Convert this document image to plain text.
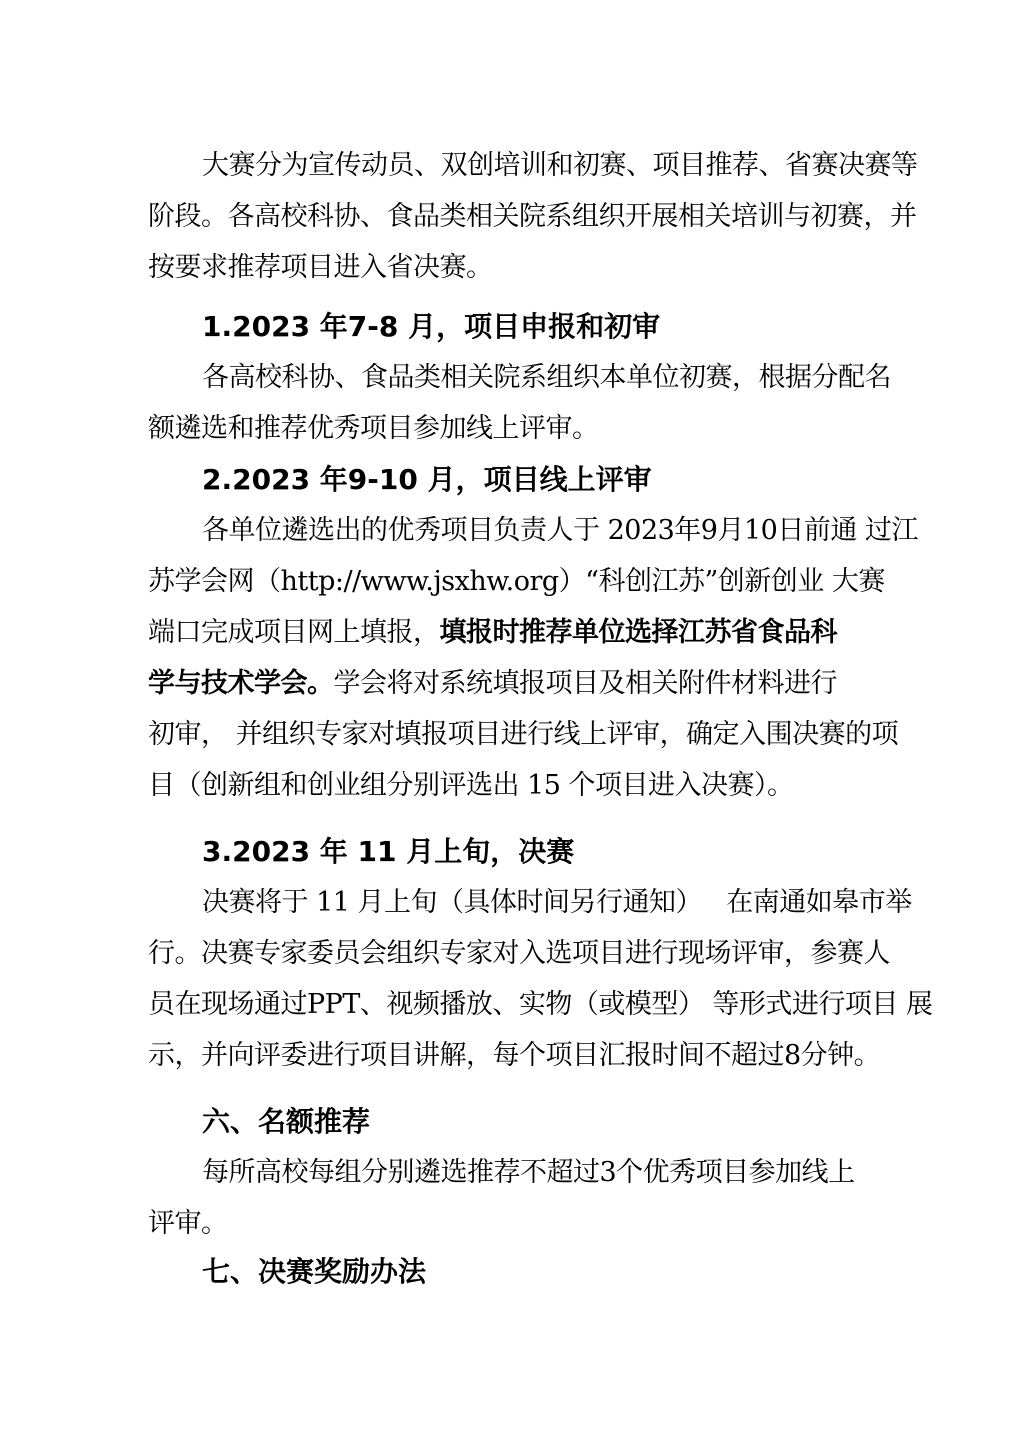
大赛分为宣传动员、双创培训和初赛、项目推荐、省赛决赛等
阶段。各高校科协、食品类相关院系组织开展相关培训与初赛，并
按要求推荐项目进入省决赛。
1.2023 年7-8 月，项目申报和初审
各高校科协、食品类相关院系组织本单位初赛，根据分配名
额遴选和推荐优秀项目参加线上评审。
2.2023 年9-10 月，项目线上评审
各单位遴选出的优秀项目负责人于 2023年9月10日前通 过江
苏学会网（http://www.jsxhw.org）“科创江苏”创新创业 大赛
端口完成项目网上填报，填报时推荐单位选择江苏省食品科
学与技术学会。学会将对系统填报项目及相关附件材料进行
初审， 并组织专家对填报项目进行线上评审，确定入围决赛的项
目（创新组和创业组分别评选出 15 个项目进入决赛）。
3.2023 年 11 月上旬，决赛
决赛将于 11 月上旬（具体时间另行通知）   在南通如皋市举
行。决赛专家委员会组织专家对入选项目进行现场评审，参赛人
员在现场通过PPT、视频播放、实物（或模型） 等形式进行项目 展
示，并向评委进行项目讲解，每个项目汇报时间不超过8分钟。
六、名额推荐
每所高校每组分别遴选推荐不超过3个优秀项目参加线上
评审。
七、决赛奖励办法
